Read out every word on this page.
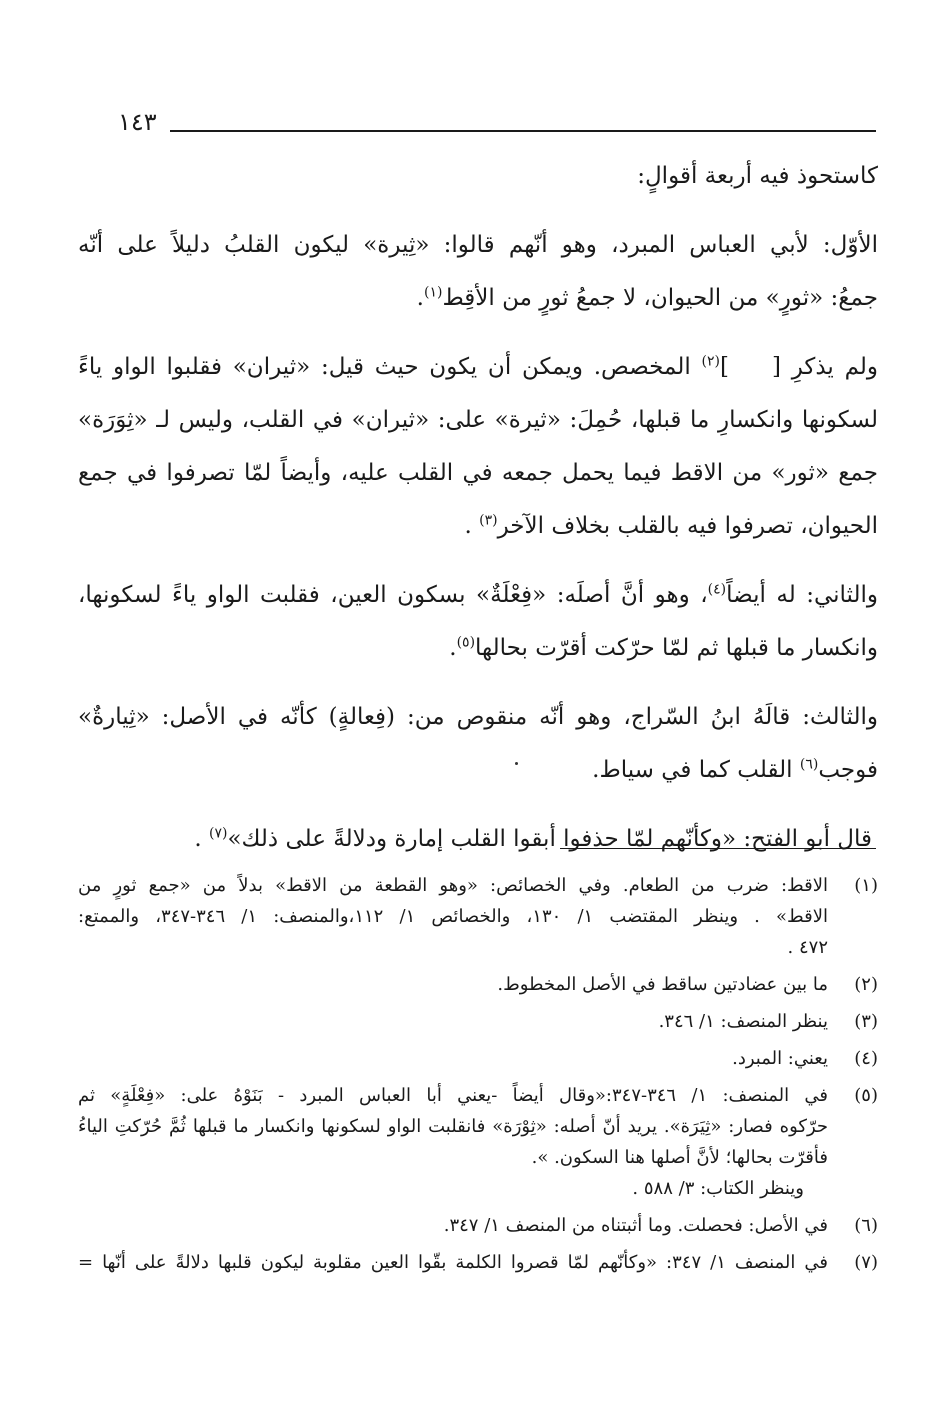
١٤٣
كاستحوذ فيه أربعة أقوالٍ:
الأوّل: لأبي العباس المبرد، وهو أنّهم قالوا: «ثِيرة» ليكون القلبُ دليلاً على أنّه
جمعُ: «ثورٍ» من الحيوان، لا جمعُ ثورٍ من الأقِط$^{(١)}$.
ولم يذكرِ [    ]$^{(٢)}$ المخصص. ويمكن أن يكون حيث قيل: «ثيران» فقلبوا الواو ياءً
لسكونها وانكسارِ ما قبلها، حُمِلَ: «ثيرة» على: «ثيران» في القلب، وليس لـ «ثِوَرَة»
جمع «ثور» من الاقط فيما يحمل جمعه في القلب عليه، وأيضاً لمّا تصرفوا في جمع
الحيوان، تصرفوا فيه بالقلب بخلاف الآخر$^{(٣)}$ .
والثاني: له أيضاً$^{(٤)}$، وهو أنَّ أصلَه: «فِعْلَةٌ» بسكون العين، فقلبت الواو ياءً لسكونها،
وانكسار ما قبلها ثم لمّا حرّكت أقرّت بحالها$^{(٥)}$.
والثالث: قالَهُ ابنُ السّراج، وهو أنّه منقوص من: (فِعالةٍ) كأنّه في الأصل: «ثِيارةٌ»
فوجب$^{(٦)}$ القلب كما في سياط.
قال أبو الفتح: «وكأنّهم لمّا حذفوا أبقوا القلب إمارة ودلالةً على ذلك»$^{(٧)}$ .
(١)
الاقط: ضرب من الطعام. وفي الخصائص: «وهو القطعة من الاقط» بدلاً من «جمع ثورٍ من
الاقط» . وينظر المقتضب ١/ ١٣٠، والخصائص ١/ ١١٢،والمنصف: ١/ ٣٤٦-٣٤٧، والممتع:
٤٧٢ .
(٢)
ما بين عضادتين ساقط في الأصل المخطوط.
(٣)
ينظر المنصف: ١/ ٣٤٦.
(٤)
يعني: المبرد.
(٥)
في المنصف: ١/ ٣٤٦-٣٤٧:«وقال أيضاً -يعني أبا العباس المبرد - بَنَوْهُ على: «فِعْلَةٍ» ثم
حرّكوه فصار: «ثِيَرَة». يريد أنّ أصله: «ثِوْرَة» فانقلبت الواو لسكونها وانكسار ما قبلها ثُمَّ حُرّكتِ الياءُ
فأقرّت بحالها؛ لأنَّ أصلها هنا السكون. ».
وينظر الكتاب: ٣/ ٥٨٨ .
(٦)
في الأصل: فحصلت. وما أثبتناه من المنصف ١/ ٣٤٧.
(٧)
في المنصف ١/ ٣٤٧: «وكأنّهم لمّا قصروا الكلمة بقّوا العين مقلوبة ليكون قلبها دلالةً على أنّها =
